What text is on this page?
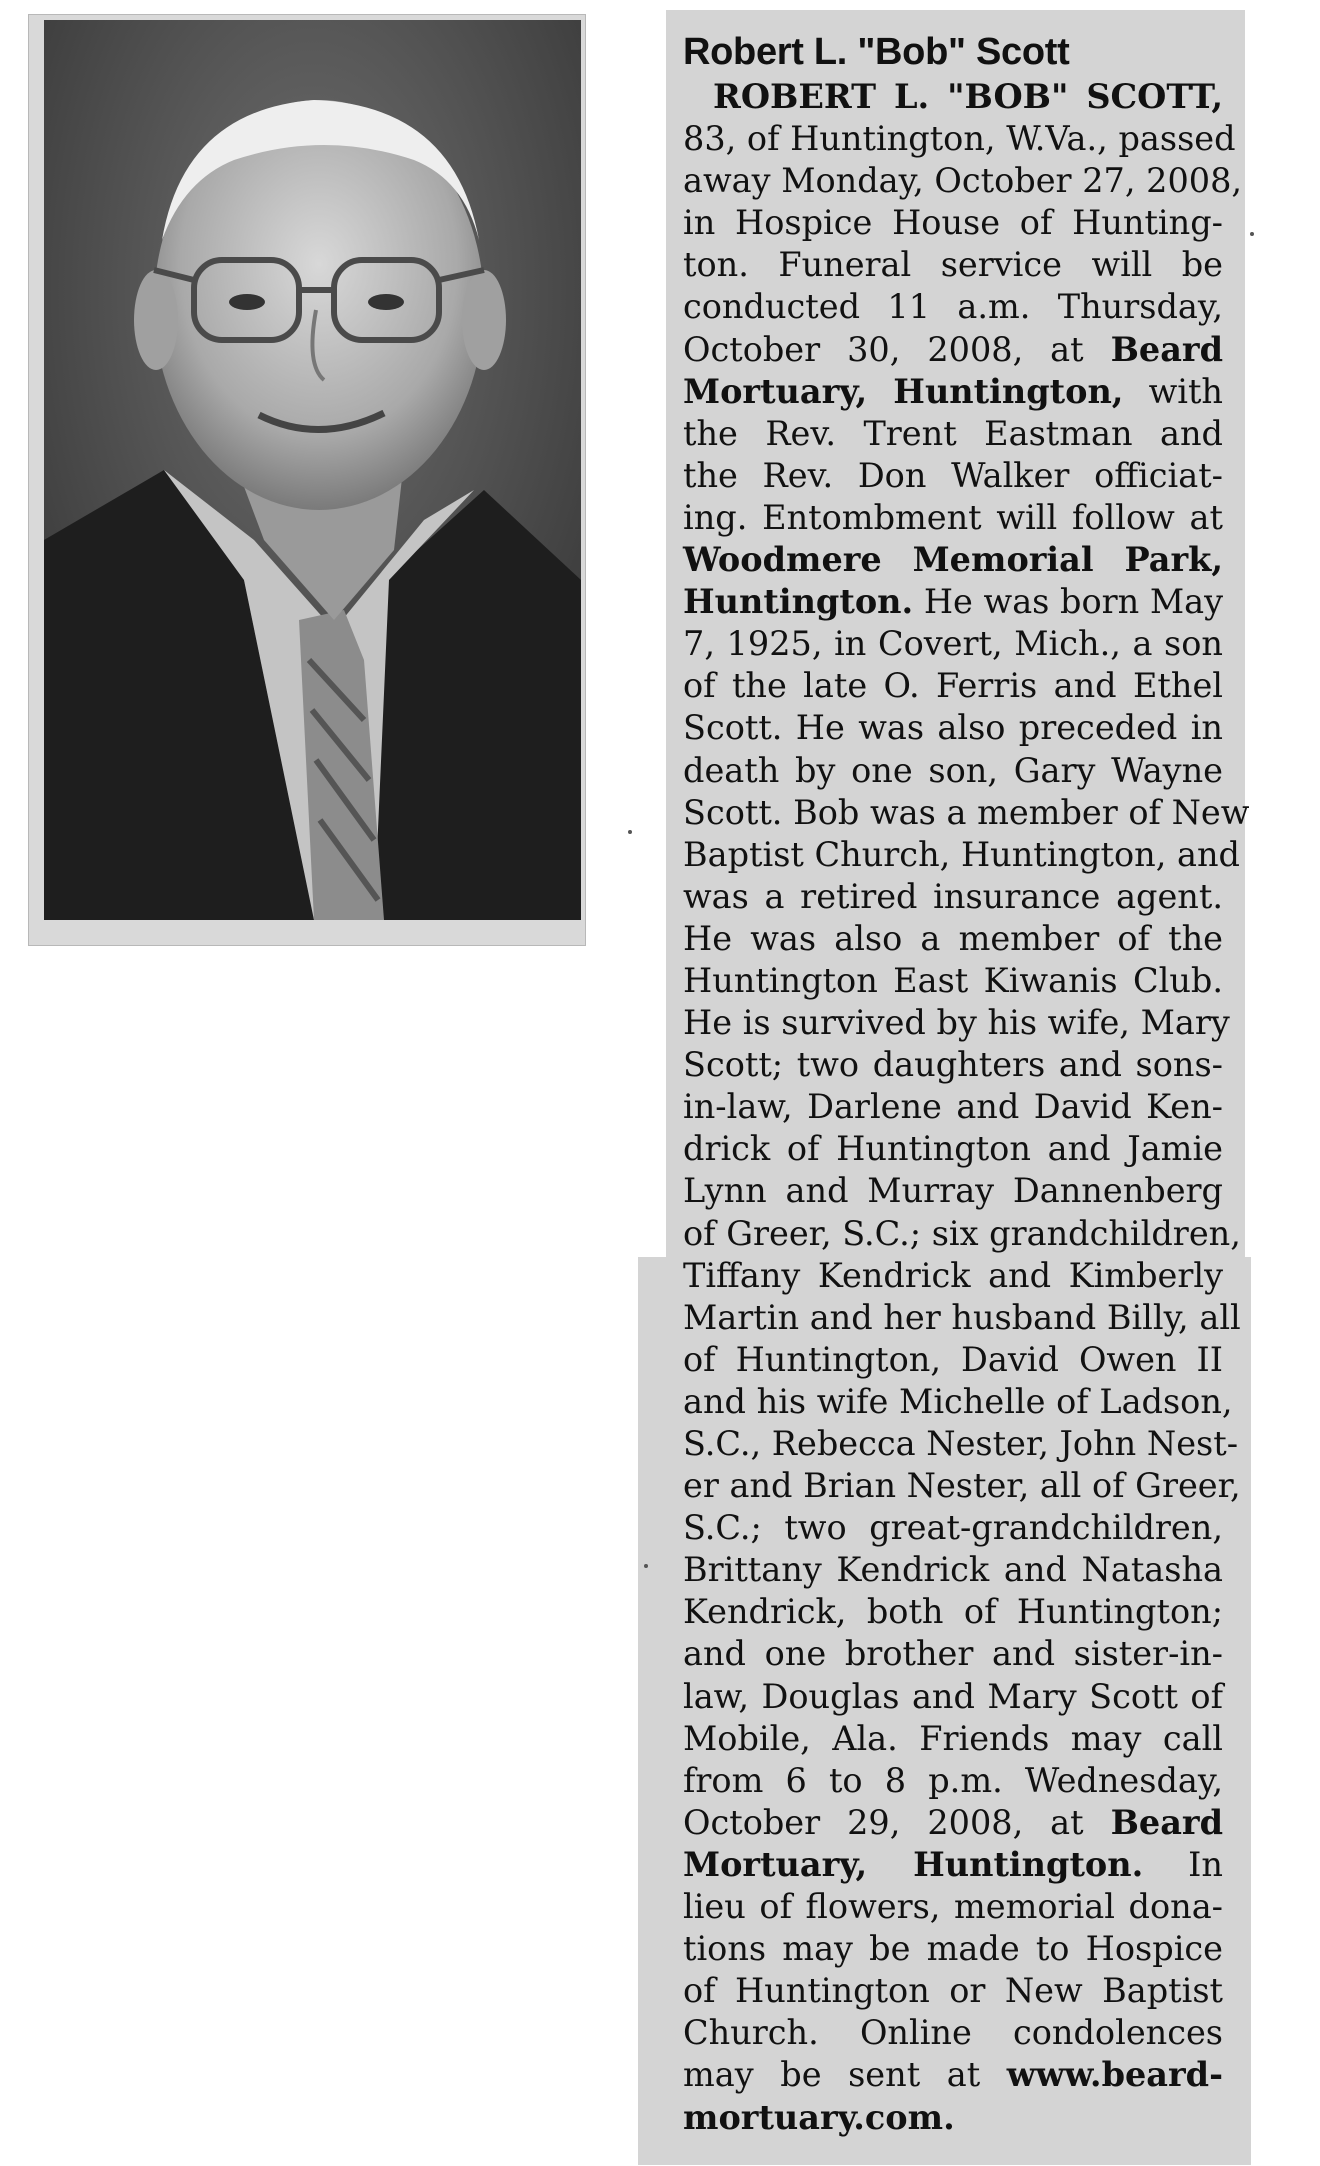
Robert L. "Bob" Scott

ROBERT L. "BOB" SCOTT,

83, of Huntington, W.Va., passed

away Monday, October 27, 2008,

in Hospice House of Hunting-

ton. Funeral service will be

conducted 11 a.m. Thursday,

October 30, 2008, at Beard

Mortuary, Huntington, with

the Rev. Trent Eastman and

the Rev. Don Walker officiat-

ing. Entombment will follow at

Woodmere Memorial Park,

Huntington. He was born May

7, 1925, in Covert, Mich., a son

of the late O. Ferris and Ethel

Scott. He was also preceded in

death by one son, Gary Wayne

Scott. Bob was a member of New

Baptist Church, Huntington, and

was a retired insurance agent.

He was also a member of the

Huntington East Kiwanis Club.

He is survived by his wife, Mary

Scott; two daughters and sons-

in-law, Darlene and David Ken-

drick of Huntington and Jamie

Lynn and Murray Dannenberg

of Greer, S.C.; six grandchildren,

Tiffany Kendrick and Kimberly

Martin and her husband Billy, all

of Huntington, David Owen II

and his wife Michelle of Ladson,

S.C., Rebecca Nester, John Nest-

er and Brian Nester, all of Greer,

S.C.; two great-grandchildren,

Brittany Kendrick and Natasha

Kendrick, both of Huntington;

and one brother and sister-in-

law, Douglas and Mary Scott of

Mobile, Ala. Friends may call

from 6 to 8 p.m. Wednesday,

October 29, 2008, at Beard

Mortuary, Huntington. In

lieu of flowers, memorial dona-

tions may be made to Hospice

of Huntington or New Baptist

Church. Online condolences

may be sent at www.beard-

mortuary.com.
